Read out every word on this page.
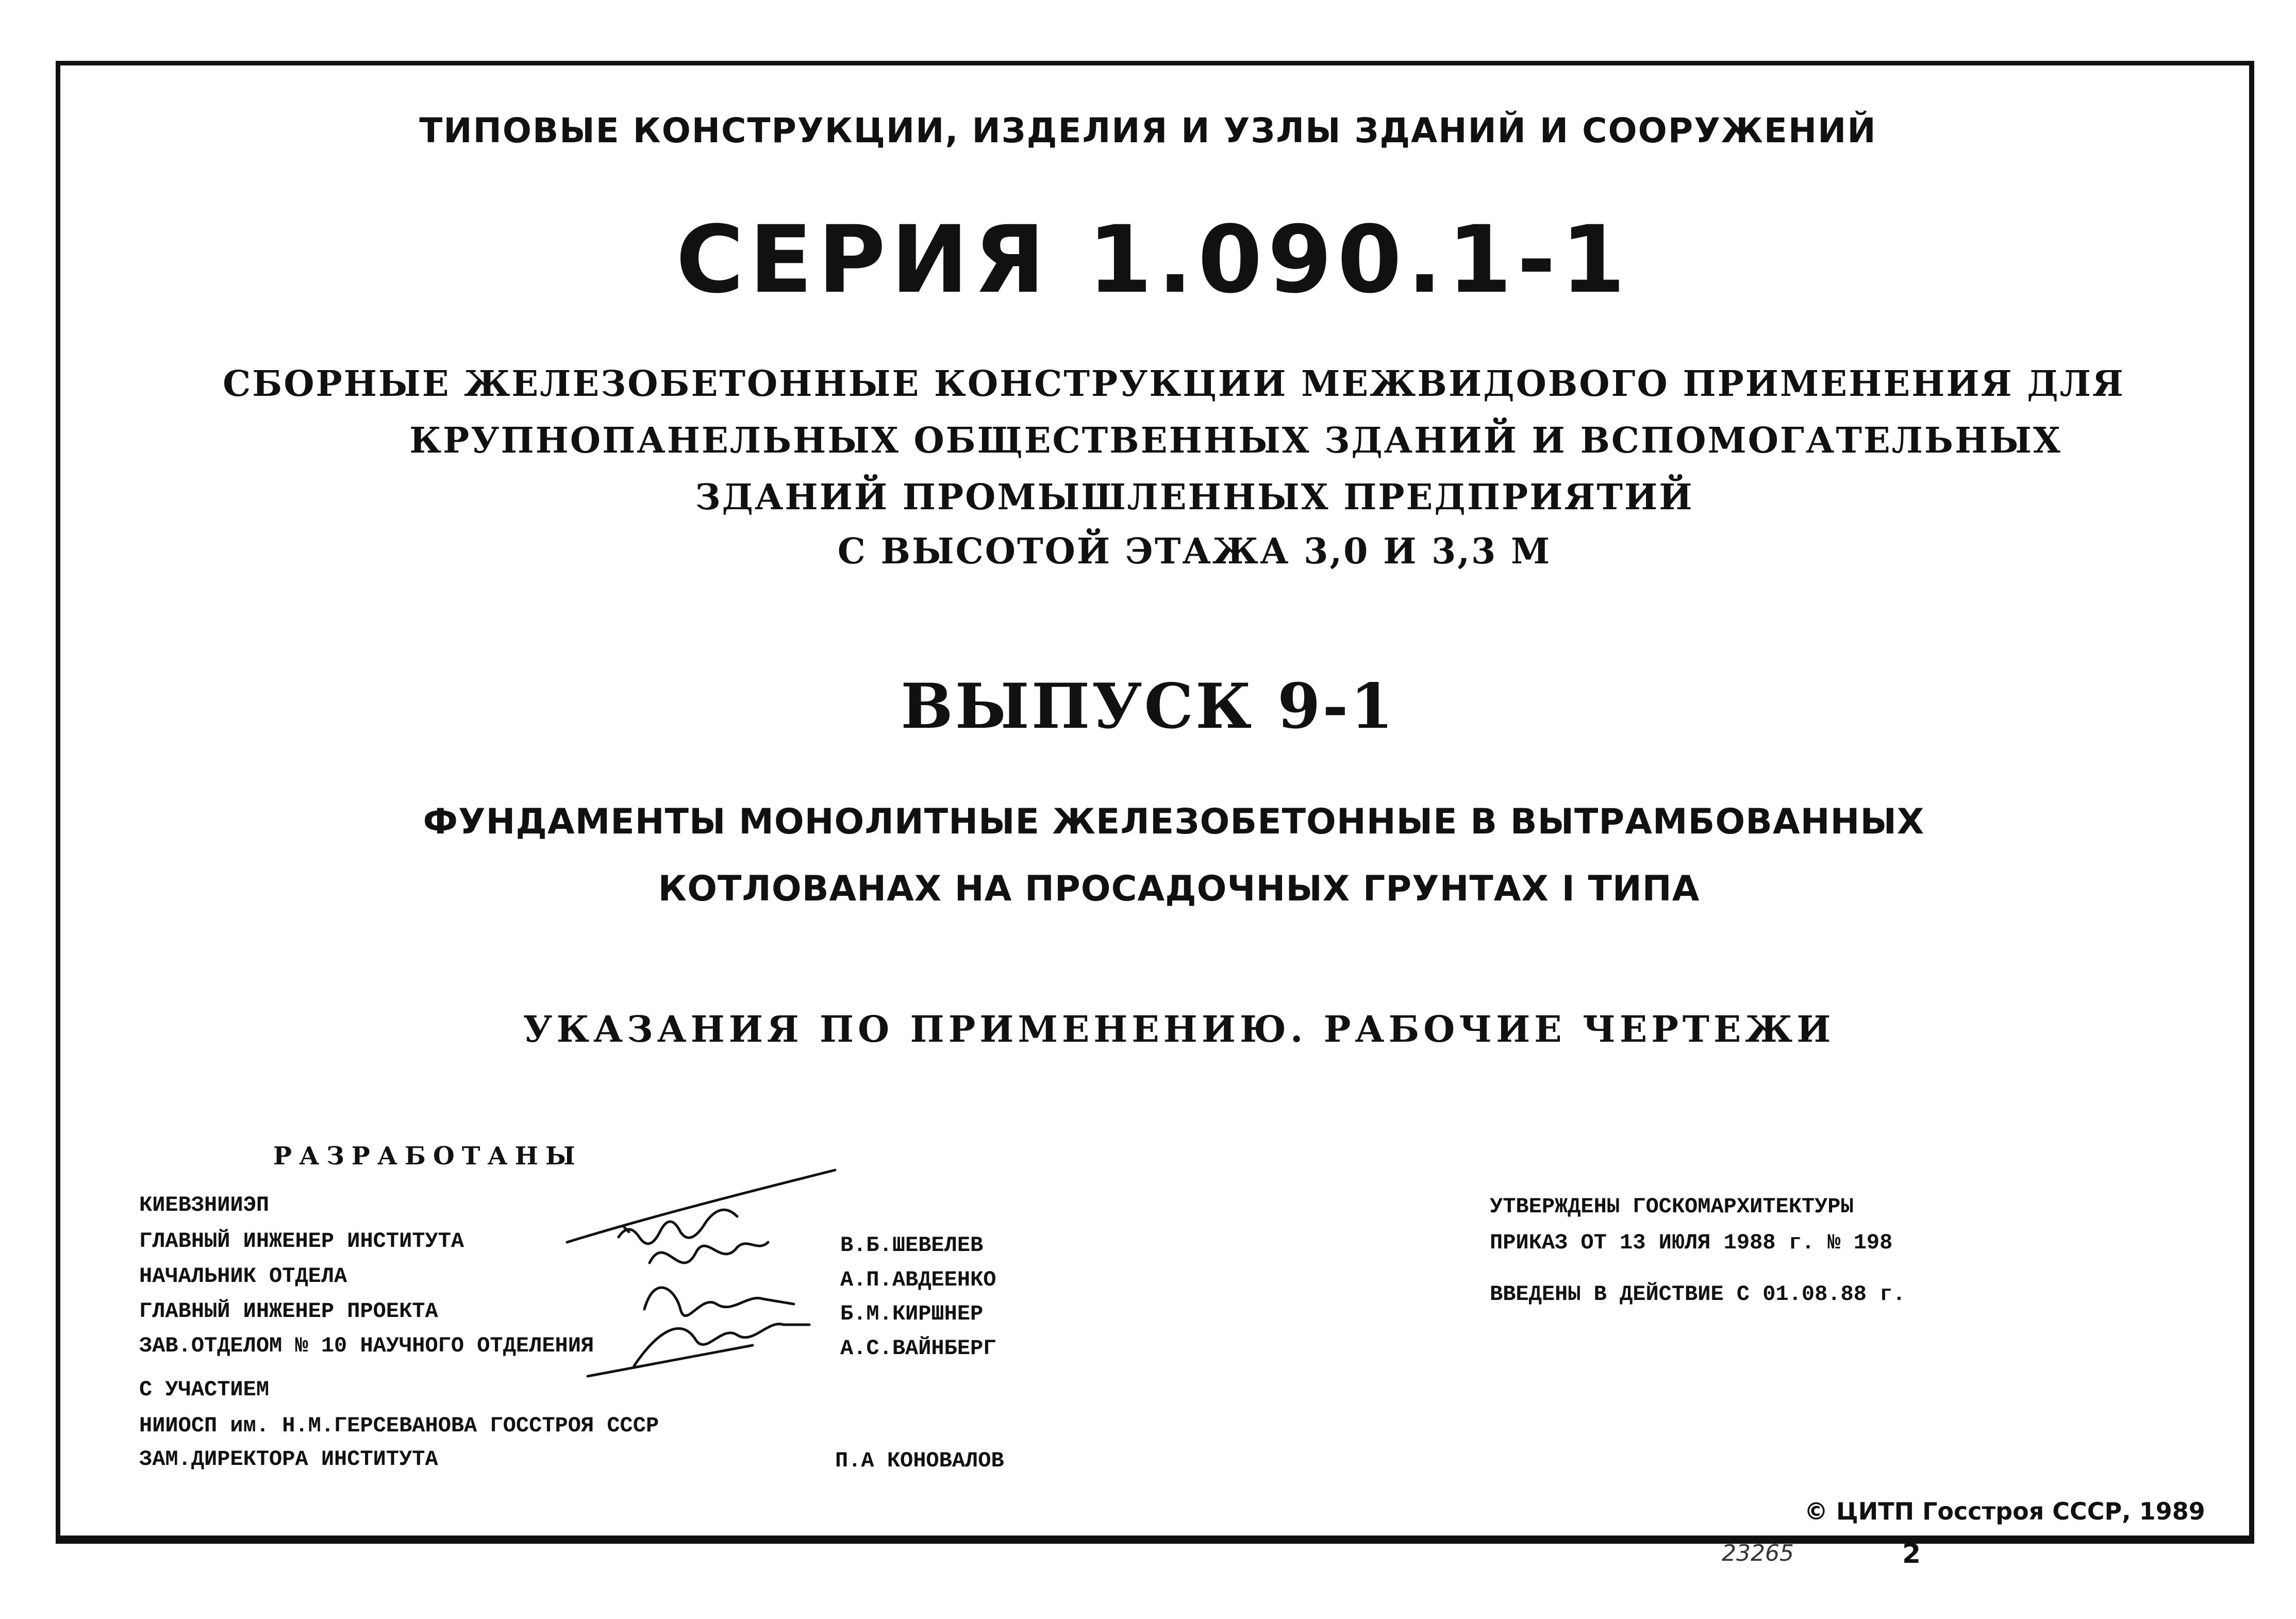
ТИПОВЫЕ КОНСТРУКЦИИ, ИЗДЕЛИЯ И УЗЛЫ ЗДАНИЙ И СООРУЖЕНИЙ
СЕРИЯ 1.090.1-1
СБОРНЫЕ ЖЕЛЕЗОБЕТОННЫЕ КОНСТРУКЦИИ МЕЖВИДОВОГО ПРИМЕНЕНИЯ ДЛЯ
КРУПНОПАНЕЛЬНЫХ ОБЩЕСТВЕННЫХ ЗДАНИЙ И ВСПОМОГАТЕЛЬНЫХ
ЗДАНИЙ ПРОМЫШЛЕННЫХ ПРЕДПРИЯТИЙ
С ВЫСОТОЙ ЭТАЖА 3,0 И 3,3 М
ВЫПУСК 9-1
ФУНДАМЕНТЫ МОНОЛИТНЫЕ ЖЕЛЕЗОБЕТОННЫЕ В ВЫТРАМБОВАННЫХ
КОТЛОВАНАХ НА ПРОСАДОЧНЫХ ГРУНТАХ I ТИПА
УКАЗАНИЯ ПО ПРИМЕНЕНИЮ. РАБОЧИЕ ЧЕРТЕЖИ
РАЗРАБОТАНЫ
КИЕВЗНИИЭП
ГЛАВНЫЙ ИНЖЕНЕР ИНСТИТУТА	В.Б.ШЕВЕЛЕВ
НАЧАЛЬНИК ОТДЕЛА	А.П.АВДЕЕНКО
ГЛАВНЫЙ ИНЖЕНЕР ПРОЕКТА	Б.М.КИРШНЕР
ЗАВ.ОТДЕЛОМ № 10 НАУЧНОГО ОТДЕЛЕНИЯ	А.С.ВАЙНБЕРГ
С УЧАСТИЕМ
НИИОСП им. Н.М.ГЕРСЕВАНОВА ГОССТРОЯ СССР
ЗАМ.ДИРЕКТОРА ИНСТИТУТА	П.А КОНОВАЛОВ
УТВЕРЖДЕНЫ ГОСКОМАРХИТЕКТУРЫ
ПРИКАЗ ОТ 13 ИЮЛЯ 1988 г. № 198
ВВЕДЕНЫ В ДЕЙСТВИЕ С 01.08.88 г.
© ЦИТП Госстроя СССР, 1989
23265	2
